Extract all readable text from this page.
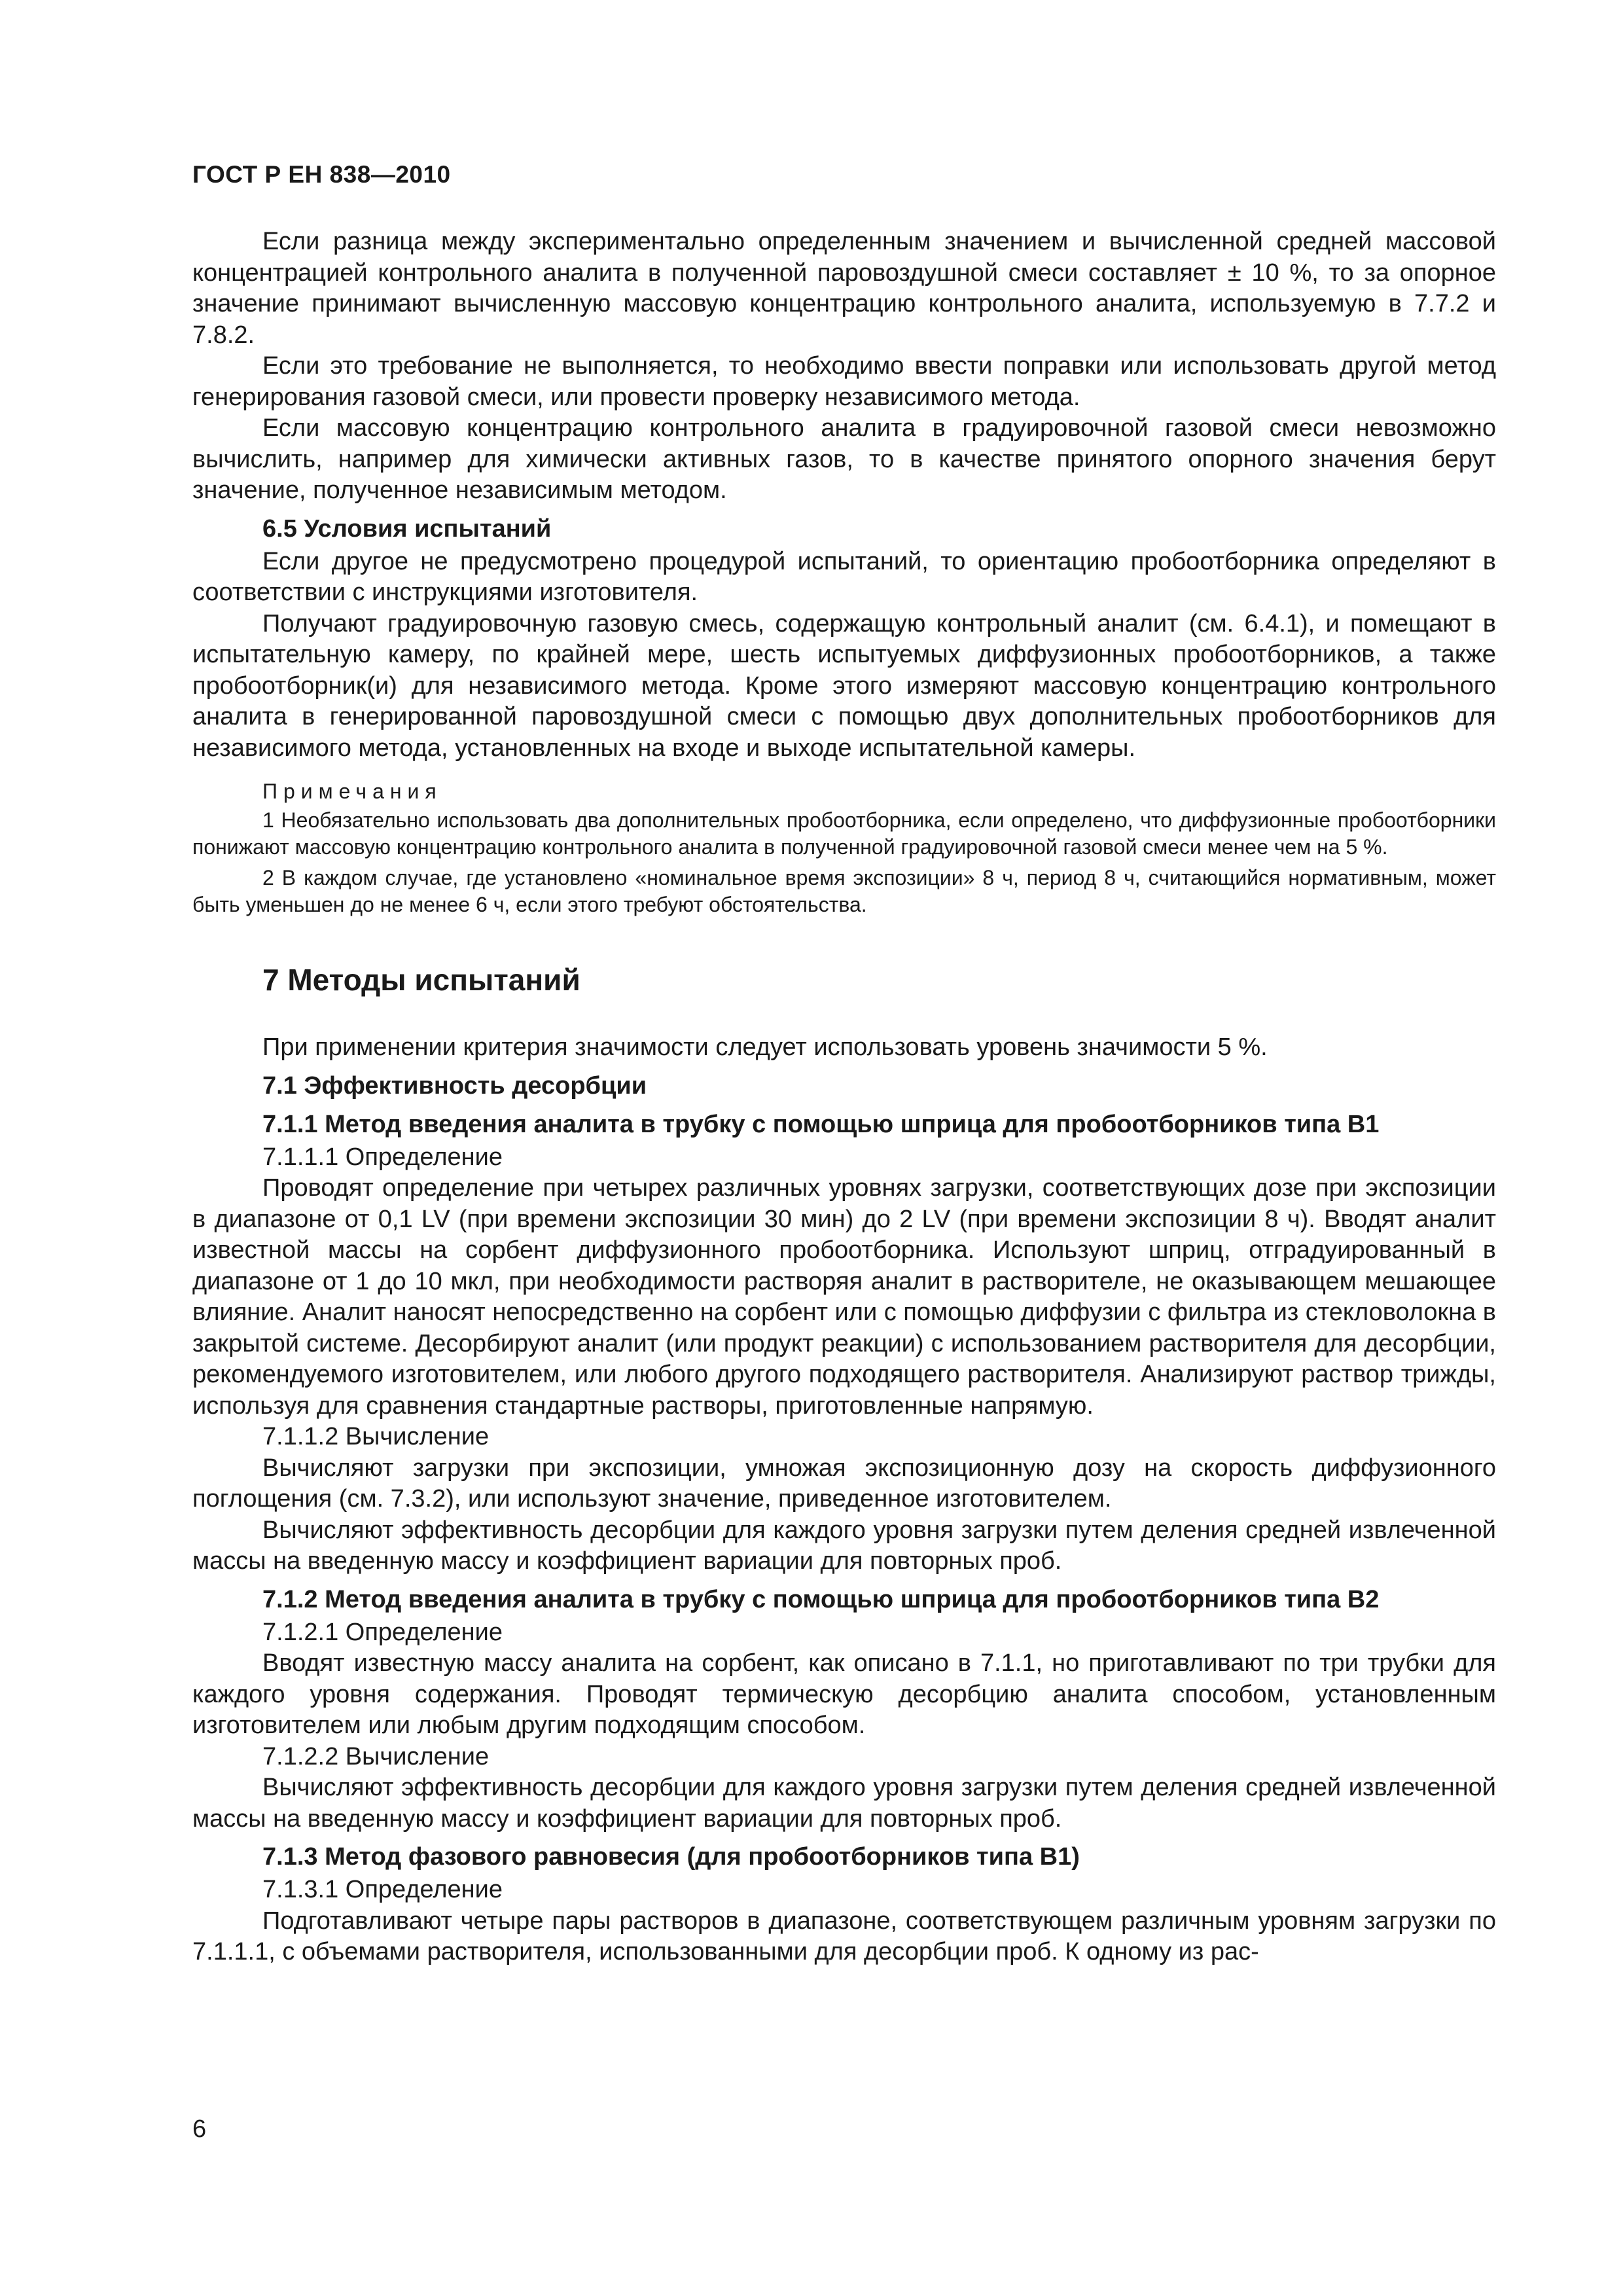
ГОСТ Р ЕН 838—2010

Если разница между экспериментально определенным значением и вычисленной средней массовой концентрацией контрольного аналита в полученной паровоздушной смеси составляет ± 10 %, то за опорное значение принимают вычисленную массовую концентрацию контрольного аналита, используемую в 7.7.2 и 7.8.2.

Если это требование не выполняется, то необходимо ввести поправки или использовать другой метод генерирования газовой смеси, или провести проверку независимого метода.

Если массовую концентрацию контрольного аналита в градуировочной газовой смеси невозможно вычислить, например для химически активных газов, то в качестве принятого опорного значения берут значение, полученное независимым методом.

6.5 Условия испытаний

Если другое не предусмотрено процедурой испытаний, то ориентацию пробоотборника определяют в соответствии с инструкциями изготовителя.

Получают градуировочную газовую смесь, содержащую контрольный аналит (см. 6.4.1), и помещают в испытательную камеру, по крайней мере, шесть испытуемых диффузионных пробоотборников, а также пробоотборник(и) для независимого метода. Кроме этого измеряют массовую концентрацию контрольного аналита в генерированной паровоздушной смеси с помощью двух дополнительных пробоотборников для независимого метода, установленных на входе и выходе испытательной камеры.

Примечания

1 Необязательно использовать два дополнительных пробоотборника, если определено, что диффузионные пробоотборники понижают массовую концентрацию контрольного аналита в полученной градуировочной газовой смеси менее чем на 5 %.

2 В каждом случае, где установлено «номинальное время экспозиции» 8 ч, период 8 ч, считающийся нормативным, может быть уменьшен до не менее 6 ч, если этого требуют обстоятельства.

7 Методы испытаний

При применении критерия значимости следует использовать уровень значимости 5 %.

7.1 Эффективность десорбции
7.1.1 Метод введения аналита в трубку с помощью шприца для пробоотборников типа В1
7.1.1.1 Определение

Проводят определение при четырех различных уровнях загрузки, соответствующих дозе при экспозиции в диапазоне от 0,1 LV (при времени экспозиции 30 мин) до 2 LV (при времени экспозиции 8 ч). Вводят аналит известной массы на сорбент диффузионного пробоотборника. Используют шприц, отградуированный в диапазоне от 1 до 10 мкл, при необходимости растворяя аналит в растворителе, не оказывающем мешающее влияние. Аналит наносят непосредственно на сорбент или с помощью диффузии с фильтра из стекловолокна в закрытой системе. Десорбируют аналит (или продукт реакции) с использованием растворителя для десорбции, рекомендуемого изготовителем, или любого другого подходящего растворителя. Анализируют раствор трижды, используя для сравнения стандартные растворы, приготовленные напрямую.

7.1.1.2 Вычисление

Вычисляют загрузки при экспозиции, умножая экспозиционную дозу на скорость диффузионного поглощения (см. 7.3.2), или используют значение, приведенное изготовителем.

Вычисляют эффективность десорбции для каждого уровня загрузки путем деления средней извлеченной массы на введенную массу и коэффициент вариации для повторных проб.

7.1.2 Метод введения аналита в трубку с помощью шприца для пробоотборников типа В2
7.1.2.1 Определение

Вводят известную массу аналита на сорбент, как описано в 7.1.1, но приготавливают по три трубки для каждого уровня содержания. Проводят термическую десорбцию аналита способом, установленным изготовителем или любым другим подходящим способом.

7.1.2.2 Вычисление

Вычисляют эффективность десорбции для каждого уровня загрузки путем деления средней извлеченной массы на введенную массу и коэффициент вариации для повторных проб.

7.1.3 Метод фазового равновесия (для пробоотборников типа В1)
7.1.3.1 Определение

Подготавливают четыре пары растворов в диапазоне, соответствующем различным уровням загрузки по 7.1.1.1, с объемами растворителя, использованными для десорбции проб. К одному из рас-

6
